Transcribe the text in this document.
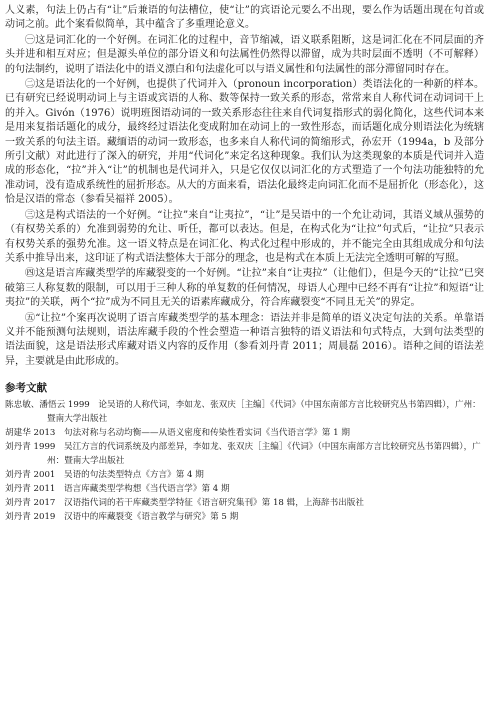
人义素，句法上仍占有“让”后兼语的句法槽位，使“让”的宾语论元要么不出现，要么作为话题出现在句首或动词之前。此个案看似简单，其中蕴含了多重理论意义。

㊀这是词汇化的一个好例。在词汇化的过程中，音节缩减，语义联系阻断，这是词汇化在不同层面的齐头并进和相互对应；但是源头单位的部分语义和句法属性仍然得以滞留，成为共时层面不透明（不可解释）的句法制约，说明了语法化中的语义漂白和句法虚化可以与语义属性和句法属性的部分滞留同时存在。

㊁这是语法化的一个好例，也提供了代词并入（pronoun incorporation）类语法化的一种新的样本。已有研究已经说明动词上与主语或宾语的人称、数等保持一致关系的形态，常常来自人称代词在动词词干上的并入。Givón（1976）说明班图语动词的一致关系形态往往来自代词复指形式的弱化简化，这些代词本来是用来复指话题化的成分，最终经过语法化变成附加在动词上的一致性形态，而话题化成分则语法化为统辖一致关系的句法主语。藏缅语的动词一致形态，也多来自人称代词的简缩形式，孙宏开（1994a，b 及部分所引文献）对此进行了深入的研究，并用“代词化”来定名这种现象。我们认为这类现象的本质是代词并入造成的形态化，“拉”并入“让”的机制也是代词并入，只是它仅仅以词汇化的方式塑造了一个句法功能独特的允准动词，没有造成系统性的屈折形态。从大的方面来看，语法化最终走向词汇化而不是屈折化（形态化），这恰是汉语的常态（参看吴福祥 2005）。

㊂这是构式语法的一个好例。“让拉”来自“让夷拉”，“让”是吴语中的一个允让动词，其语义域从强势的（有权势关系的）允准到弱势的允让、听任，都可以表达。但是，在构式化为“让拉”句式后，“让拉”只表示有权势关系的强势允准。这一语义特点是在词汇化、构式化过程中形成的，并不能完全由其组成成分和句法关系中推导出来，这印证了构式语法整体大于部分的理念，也是构式在本质上无法完全透明可解的写照。

㊃这是语言库藏类型学的库藏裂变的一个好例。“让拉”来自“让夷拉”（让他们），但是今天的“让拉”已突破第三人称复数的限制，可以用于三种人称的单复数的任何情况，母语人心理中已经不再有“让拉”和短语“让夷拉”的关联，两个“拉”成为不同且无关的语素库藏成分，符合库藏裂变“不同且无关”的界定。

㊄“让拉”个案再次说明了语言库藏类型学的基本理念：语法并非是简单的语义决定句法的关系。单靠语义并不能预测句法规则，语法库藏手段的个性会塑造一种语言独特的语义语法和句式特点，大到句法类型的语法面貌，这是语法形式库藏对语义内容的反作用（参看刘丹青 2011；周晨磊 2016）。语种之间的语法差异，主要就是由此形成的。

参考文献

陈忠敏、潘悟云 1999　论吴语的人称代词，李如龙、张双庆［主编］《代词》（中国东南部方言比较研究丛书第四辑），广州：暨南大学出版社

胡建华 2013　句法对称与名动均衡——从语义密度和传染性看实词《当代语言学》第 1 期

刘丹青 1999　吴江方言的代词系统及内部差异，李如龙、张双庆［主编］《代词》（中国东南部方言比较研究丛书第四辑），广州：暨南大学出版社

刘丹青 2001　吴语的句法类型特点《方言》第 4 期

刘丹青 2011　语言库藏类型学构想《当代语言学》第 4 期

刘丹青 2017　汉语指代词的若干库藏类型学特征《语言研究集刊》第 18 辑，上海辞书出版社

刘丹青 2019　汉语中的库藏裂变《语言教学与研究》第 5 期
